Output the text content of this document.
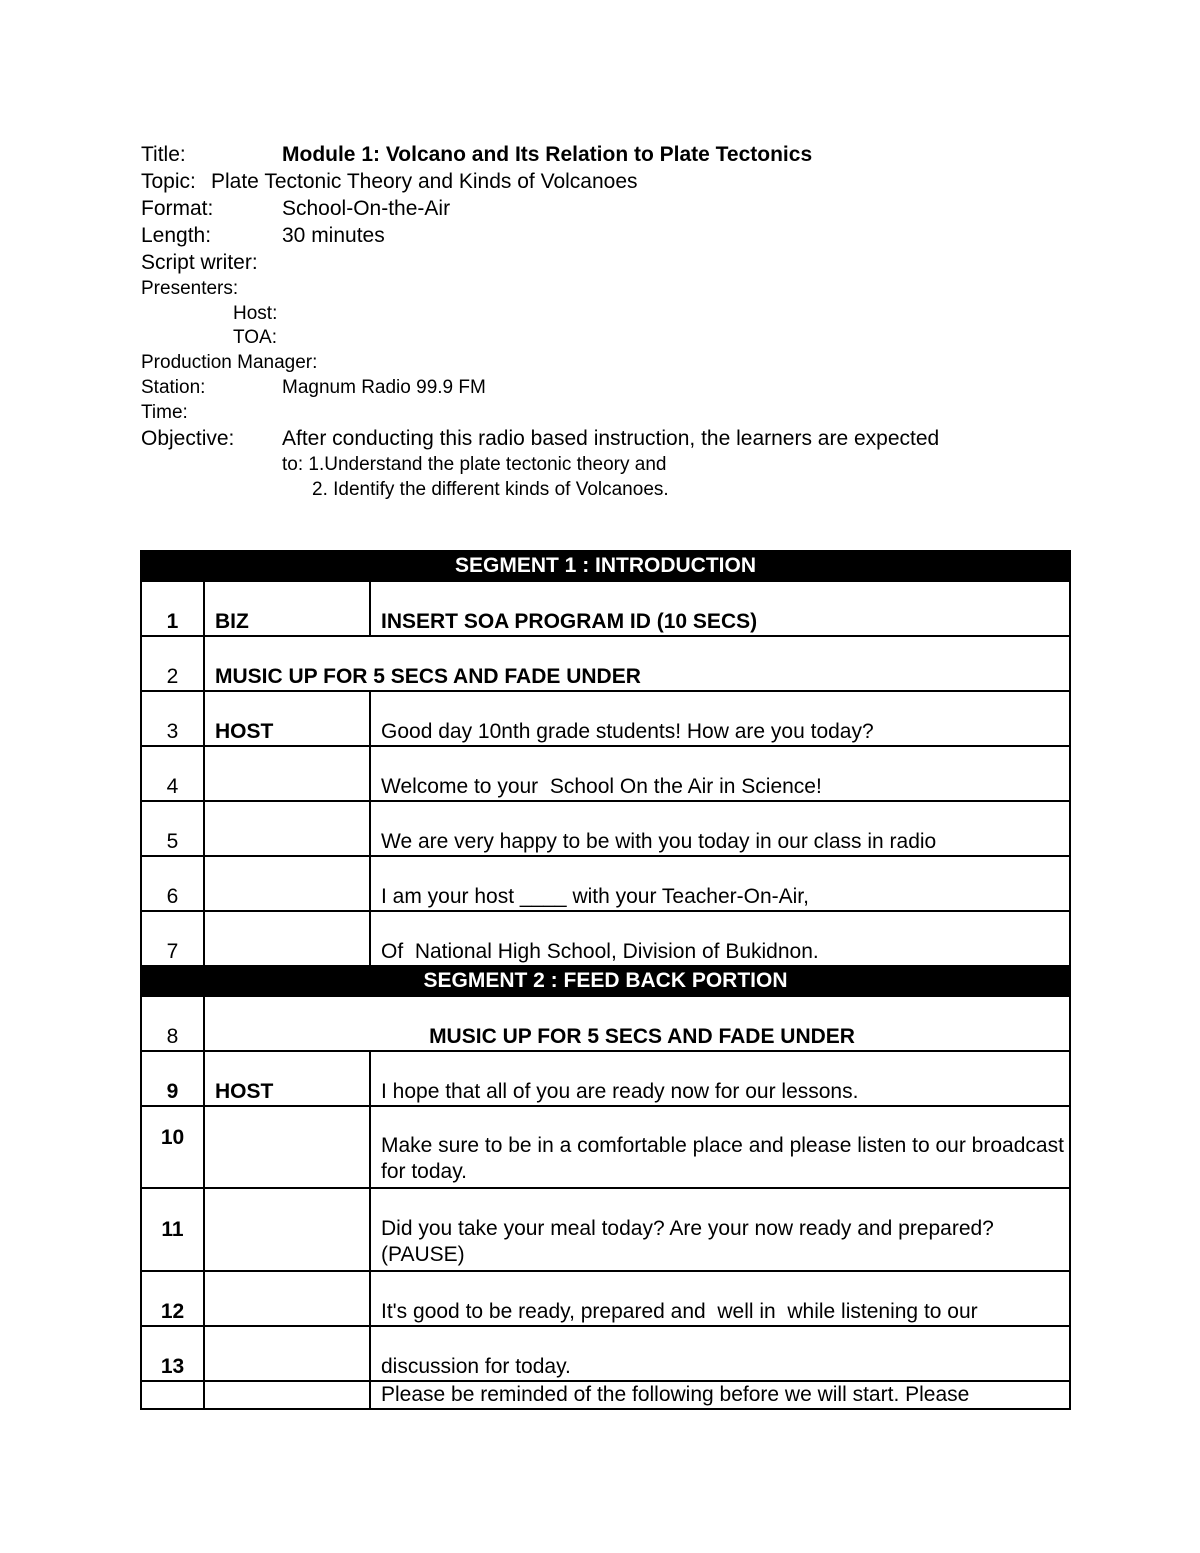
Title:	Module 1: Volcano and Its Relation to Plate Tectonics
Topic: Plate Tectonic Theory and Kinds of Volcanoes
Format:	School-On-the-Air
Length:	30 minutes
Script writer:
Presenters:
Host:
TOA:
Production Manager:
Station:	Magnum Radio 99.9 FM
Time:
Objective: After conducting this radio based instruction, the learners are expected
to: 1.Understand the plate tectonic theory and
2. Identify the different kinds of Volcanoes.
SEGMENT 1 : INTRODUCTION		
1	BIZ	INSERT SOA PROGRAM ID (10 SECS)
2	MUSIC UP FOR 5 SECS AND FADE UNDER	
3	HOST	Good day 10nth grade students! How are you today?
4		Welcome to your  School On the Air in Science!
5		We are very happy to be with you today in our class in radio
6		I am your host ____ with your Teacher-On-Air,
7		Of  National High School, Division of Bukidnon.
SEGMENT 2 : FEED BACK PORTION		
8	MUSIC UP FOR 5 SECS AND FADE UNDER	
9	HOST	I hope that all of you are ready now for our lessons.
10		Make sure to be in a comfortable place and please listen to our broadcast for today.
11		Did you take your meal today? Are your now ready and prepared? (PAUSE)
12		It's good to be ready, prepared and  well in  while listening to our
13		discussion for today.
		Please be reminded of the following before we will start. Please
